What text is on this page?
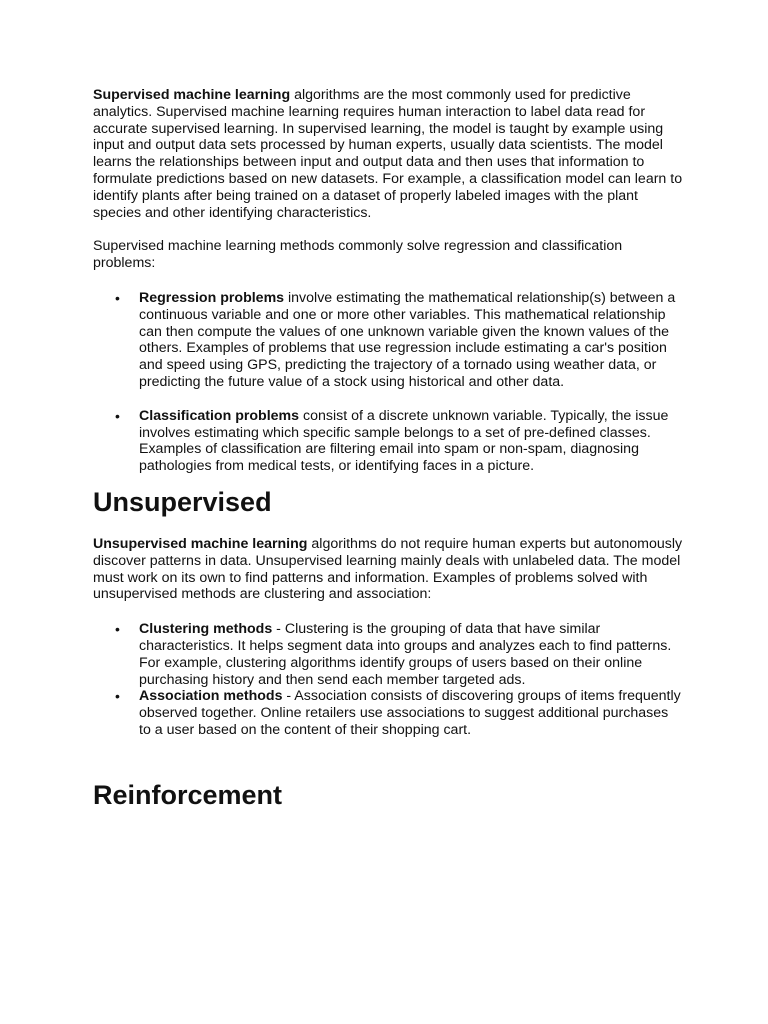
Supervised machine learning algorithms are the most commonly used for predictive analytics. Supervised machine learning requires human interaction to label data read for accurate supervised learning. In supervised learning, the model is taught by example using input and output data sets processed by human experts, usually data scientists. The model learns the relationships between input and output data and then uses that information to formulate predictions based on new datasets. For example, a classification model can learn to identify plants after being trained on a dataset of properly labeled images with the plant species and other identifying characteristics.

Supervised machine learning methods commonly solve regression and classification problems:

• Regression problems involve estimating the mathematical relationship(s) between a continuous variable and one or more other variables. This mathematical relationship can then compute the values of one unknown variable given the known values of the others. Examples of problems that use regression include estimating a car's position and speed using GPS, predicting the trajectory of a tornado using weather data, or predicting the future value of a stock using historical and other data.
• Classification problems consist of a discrete unknown variable. Typically, the issue involves estimating which specific sample belongs to a set of pre-defined classes. Examples of classification are filtering email into spam or non-spam, diagnosing pathologies from medical tests, or identifying faces in a picture.
Unsupervised

Unsupervised machine learning algorithms do not require human experts but autonomously discover patterns in data. Unsupervised learning mainly deals with unlabeled data. The model must work on its own to find patterns and information. Examples of problems solved with unsupervised methods are clustering and association:

• Clustering methods - Clustering is the grouping of data that have similar characteristics. It helps segment data into groups and analyzes each to find patterns. For example, clustering algorithms identify groups of users based on their online purchasing history and then send each member targeted ads.
• Association methods - Association consists of discovering groups of items frequently observed together. Online retailers use associations to suggest additional purchases to a user based on the content of their shopping cart.
Reinforcement
